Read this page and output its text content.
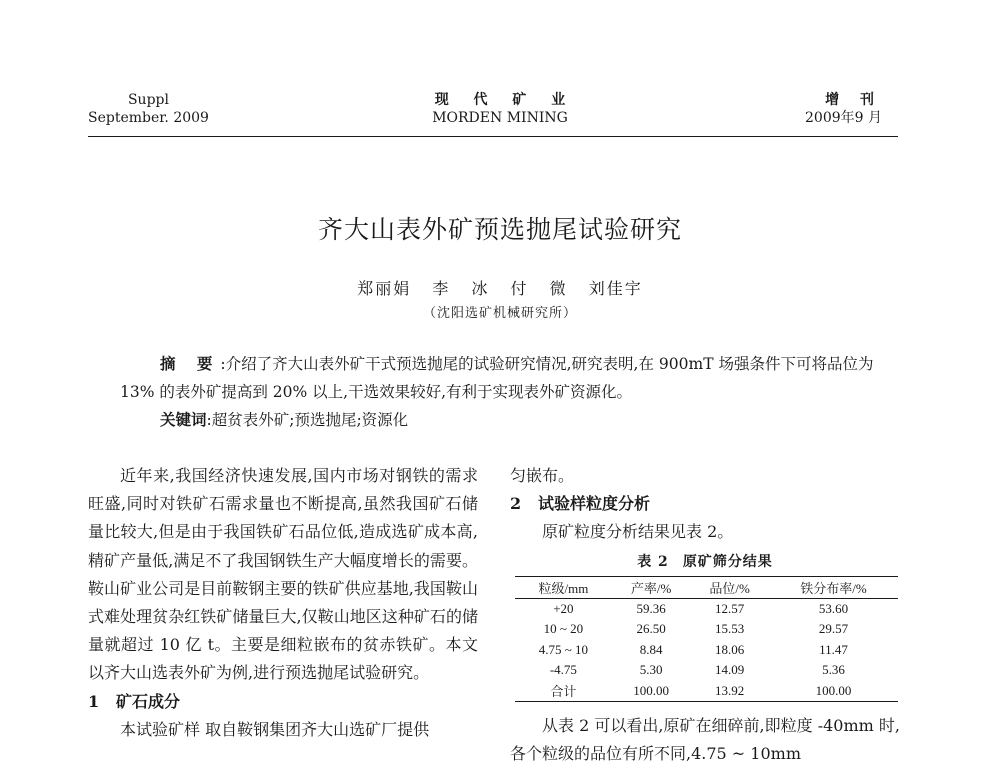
Suppl
September. 2009
现 代 矿 业
MORDEN MINING
增 刊
2009年9 月
齐大山表外矿预选抛尾试验研究
郑丽娟 李 冰 付 微 刘佳宇
（沈阳选矿机械研究所）
摘 要:介绍了齐大山表外矿干式预选抛尾的试验研究情况,研究表明,在 900mT 场强条件下可将品位为 13% 的表外矿提高到 20% 以上,干选效果较好,有利于实现表外矿资源化。
关键词:超贫表外矿;预选抛尾;资源化
近年来,我国经济快速发展,国内市场对钢铁的需求旺盛,同时对铁矿石需求量也不断提高,虽然我国矿石储量比较大,但是由于我国铁矿石品位低,造成选矿成本高,精矿产量低,满足不了我国钢铁生产大幅度增长的需要。鞍山矿业公司是目前鞍钢主要的铁矿供应基地,我国鞍山式难处理贫杂红铁矿储量巨大,仅鞍山地区这种矿石的储量就超过 10 亿 t。主要是细粒嵌布的贫赤铁矿。本文以齐大山选表外矿为例,进行预选抛尾试验研究。
1 矿石成分
本试验矿样 取自鞍钢集团齐大山选矿厂提供
匀嵌布。
2 试验样粒度分析
原矿粒度分析结果见表 2。
表 2 原矿筛分结果
粒级/mm	产率/%	品位/%	铁分布率/%
+20	59.36	12.57	53.60
10 ~ 20	26.50	15.53	29.57
4.75 ~ 10	8.84	18.06	11.47
-4.75	5.30	14.09	5.36
合计	100.00	13.92	100.00
从表 2 可以看出,原矿在细碎前,即粒度 -40mm 时,各个粒级的品位有所不同,4.75 ~ 10mm
